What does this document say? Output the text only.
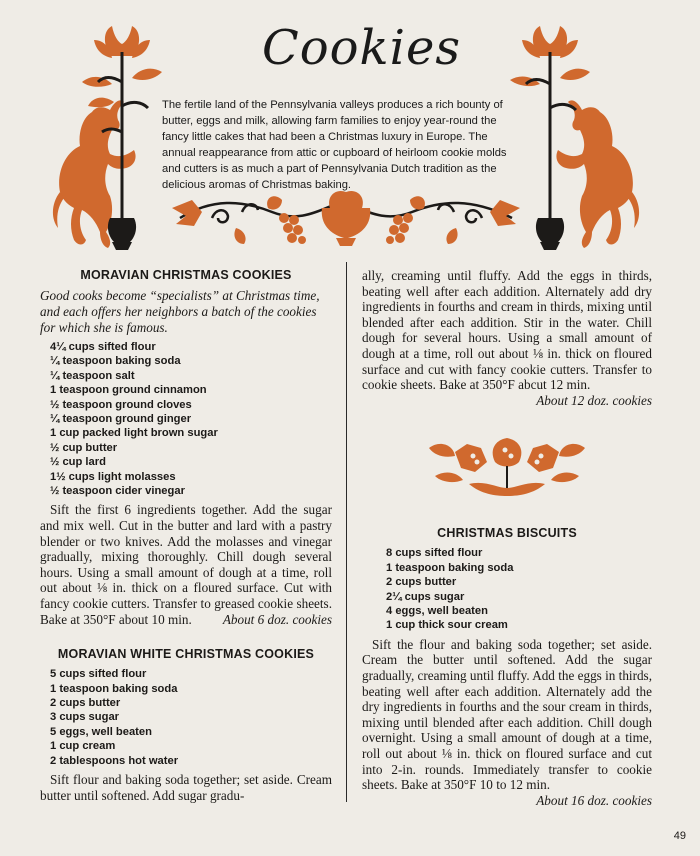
Cookies

The fertile land of the Pennsylvania valleys produces a rich bounty of butter, eggs and milk, allowing farm families to enjoy year-round the fancy little cakes that had been a Christmas luxury in Europe. The annual reappearance from attic or cupboard of heirloom cookie molds and cutters is as much a part of Pennsylvania Dutch tradition as the delicious aromas of Christmas baking.

MORAVIAN CHRISTMAS COOKIES

Good cooks become “specialists” at Christmas time, and each offers her neighbors a batch of the cookies for which she is famous.

4¼ cups sifted flour
¼ teaspoon baking soda
¼ teaspoon salt
1 teaspoon ground cinnamon
½ teaspoon ground cloves
¼ teaspoon ground ginger
1 cup packed light brown sugar
½ cup butter
½ cup lard
1½ cups light molasses
½ teaspoon cider vinegar

Sift the first 6 ingredients together. Add the sugar and mix well. Cut in the butter and lard with a pastry blender or two knives. Add the molasses and vinegar gradually, mixing thoroughly. Chill dough several hours. Using a small amount of dough at a time, roll out about ⅛ in. thick on a floured surface. Cut with fancy cookie cutters. Transfer to greased cookie sheets. Bake at 350°F about 10 min.	About 6 doz. cookies

MORAVIAN WHITE CHRISTMAS COOKIES
5 cups sifted flour
1 teaspoon baking soda
2 cups butter
3 cups sugar
5 eggs, well beaten
1 cup cream
2 tablespoons hot water

Sift flour and baking soda together; set aside. Cream butter until softened. Add sugar gradu-

ally, creaming until fluffy. Add the eggs in thirds, beating well after each addition. Alternately add dry ingredients in fourths and cream in thirds, mixing until blended after each addition. Stir in the water. Chill dough for several hours. Using a small amount of dough at a time, roll out about ⅛ in. thick on floured surface and cut with fancy cookie cutters. Transfer to cookie sheets. Bake at 350°F abcut 12 min.

About 12 doz. cookies

CHRISTMAS BISCUITS
8 cups sifted flour
1 teaspoon baking soda
2 cups butter
2¼ cups sugar
4 eggs, well beaten
1 cup thick sour cream

Sift the flour and baking soda together; set aside. Cream the butter until softened. Add the sugar gradually, creaming until fluffy. Add the eggs in thirds, beating well after each addition. Alternately add the dry ingredients in fourths and the sour cream in thirds, mixing until blended after each addition. Chill dough overnight. Using a small amount of dough at a time, roll out about ⅛ in. thick on floured surface and cut into 2-in. rounds. Immediately transfer to cookie sheets. Bake at 350°F 10 to 12 min.

About 16 doz. cookies

49
